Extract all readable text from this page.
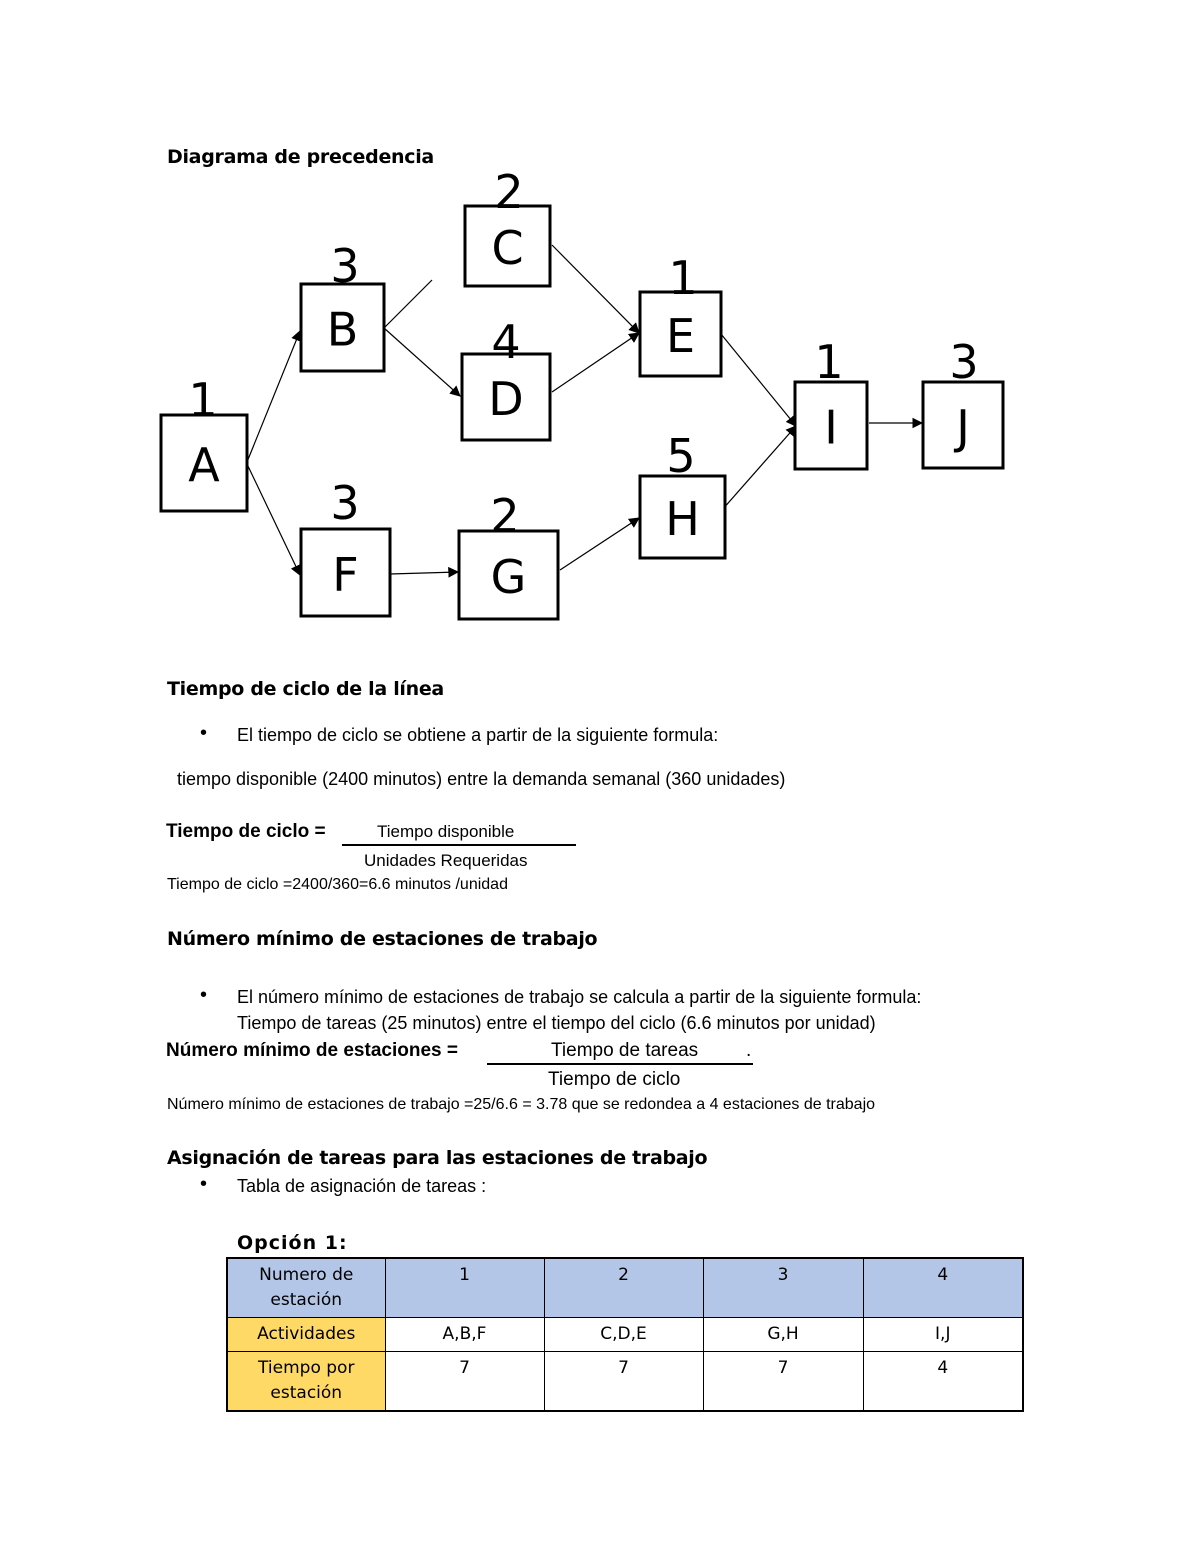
Diagrama de precedencia
A
1
B
3	C
2
D
4	E
1
F
3
G
2	H
5
I
1
J
3
Tiempo de ciclo de la línea
• El tiempo de ciclo se obtiene a partir de la siguiente formula:
tiempo disponible (2400 minutos) entre la demanda semanal (360 unidades)
Tiempo de ciclo =	Tiempo disponible
Unidades Requeridas
Tiempo de ciclo =2400/360=6.6 minutos /unidad
Número mínimo de estaciones de trabajo
• El número mínimo de estaciones de trabajo se calcula a partir de la siguiente formula:
Tiempo de tareas (25 minutos) entre el tiempo del ciclo (6.6 minutos por unidad)
Número mínimo de estaciones =	Tiempo de tareas	.
Tiempo de ciclo
Número mínimo de estaciones de trabajo =25/6.6 = 3.78 que se redondea a 4 estaciones de trabajo
Asignación de tareas para las estaciones de trabajo
• Tabla de asignación de tareas :
Opción 1:
Numero de estación	1	2	3	4
Actividades	A,B,F	C,D,E	G,H	I,J
Tiempo por estación	7	7	7	4
